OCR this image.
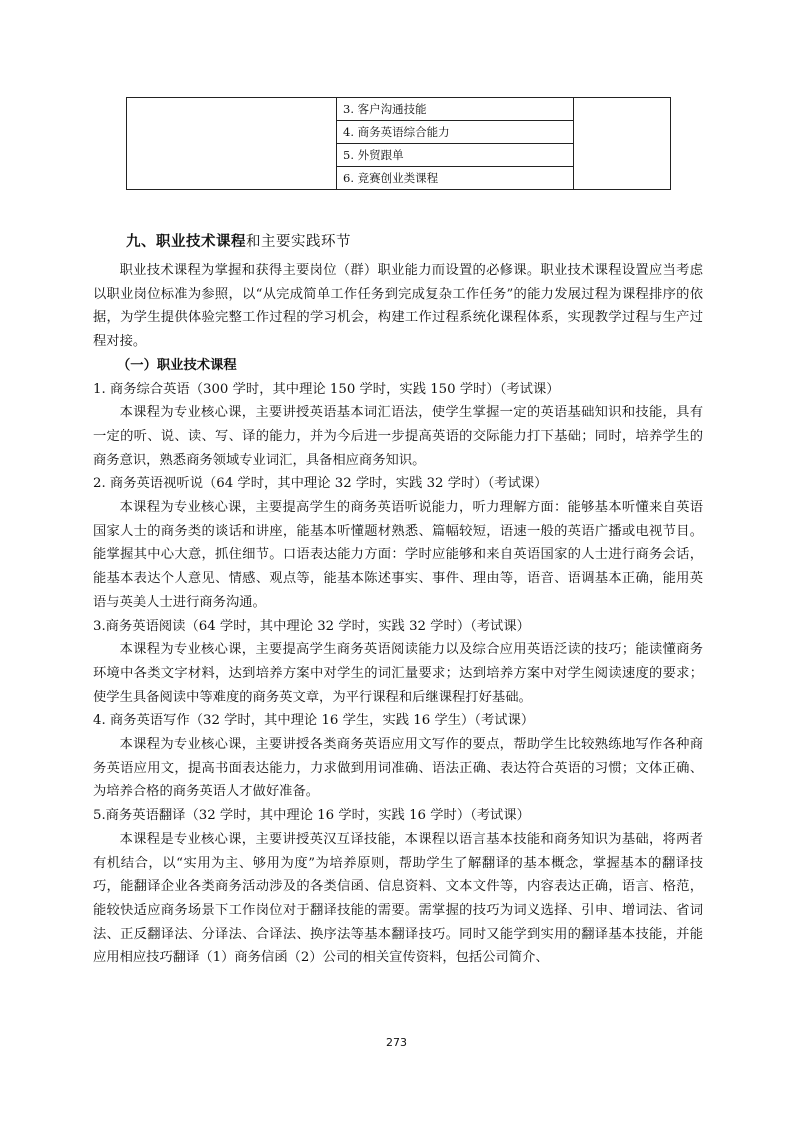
	3. 客户沟通技能	
4. 商务英语综合能力
5. 外贸跟单
6. 竞赛创业类课程
九、职业技术课程和主要实践环节

职业技术课程为掌握和获得主要岗位（群）职业能力而设置的必修课。职业技术课程设置应当考虑以职业岗位标准为参照，以“从完成简单工作任务到完成复杂工作任务”的能力发展过程为课程排序的依据，为学生提供体验完整工作过程的学习机会，构建工作过程系统化课程体系，实现教学过程与生产过程对接。

（一）职业技术课程

1. 商务综合英语（300 学时，其中理论 150 学时，实践 150 学时）（考试课）

本课程为专业核心课，主要讲授英语基本词汇语法，使学生掌握一定的英语基础知识和技能，具有一定的听、说、读、写、译的能力，并为今后进一步提高英语的交际能力打下基础；同时，培养学生的商务意识，熟悉商务领域专业词汇，具备相应商务知识。

2. 商务英语视听说（64 学时，其中理论 32 学时，实践 32 学时）（考试课）

本课程为专业核心课，主要提高学生的商务英语听说能力，听力理解方面：能够基本听懂来自英语国家人士的商务类的谈话和讲座，能基本听懂题材熟悉、篇幅较短，语速一般的英语广播或电视节目。能掌握其中心大意，抓住细节。口语表达能力方面：学时应能够和来自英语国家的人士进行商务会话，能基本表达个人意见、情感、观点等，能基本陈述事实、事件、理由等，语音、语调基本正确，能用英语与英美人士进行商务沟通。

3.商务英语阅读（64 学时，其中理论 32 学时，实践 32 学时）（考试课）

本课程为专业核心课，主要提高学生商务英语阅读能力以及综合应用英语泛读的技巧；能读懂商务环境中各类文字材料，达到培养方案中对学生的词汇量要求；达到培养方案中对学生阅读速度的要求；使学生具备阅读中等难度的商务英文章，为平行课程和后继课程打好基础。

4. 商务英语写作（32 学时，其中理论 16 学生，实践 16 学生）（考试课）

本课程为专业核心课，主要讲授各类商务英语应用文写作的要点，帮助学生比较熟练地写作各种商务英语应用文，提高书面表达能力，力求做到用词准确、语法正确、表达符合英语的习惯；文体正确、为培养合格的商务英语人才做好准备。

5.商务英语翻译（32 学时，其中理论 16 学时，实践 16 学时）（考试课）

本课程是专业核心课，主要讲授英汉互译技能，本课程以语言基本技能和商务知识为基础，将两者有机结合，以“实用为主、够用为度”为培养原则，帮助学生了解翻译的基本概念，掌握基本的翻译技巧，能翻译企业各类商务活动涉及的各类信函、信息资料、文本文件等，内容表达正确，语言、格范，能较快适应商务场景下工作岗位对于翻译技能的需要。需掌握的技巧为词义选择、引申、增词法、省词法、正反翻译法、分译法、合译法、换序法等基本翻译技巧。同时又能学到实用的翻译基本技能，并能应用相应技巧翻译（1）商务信函（2）公司的相关宣传资料，包括公司简介、

273
